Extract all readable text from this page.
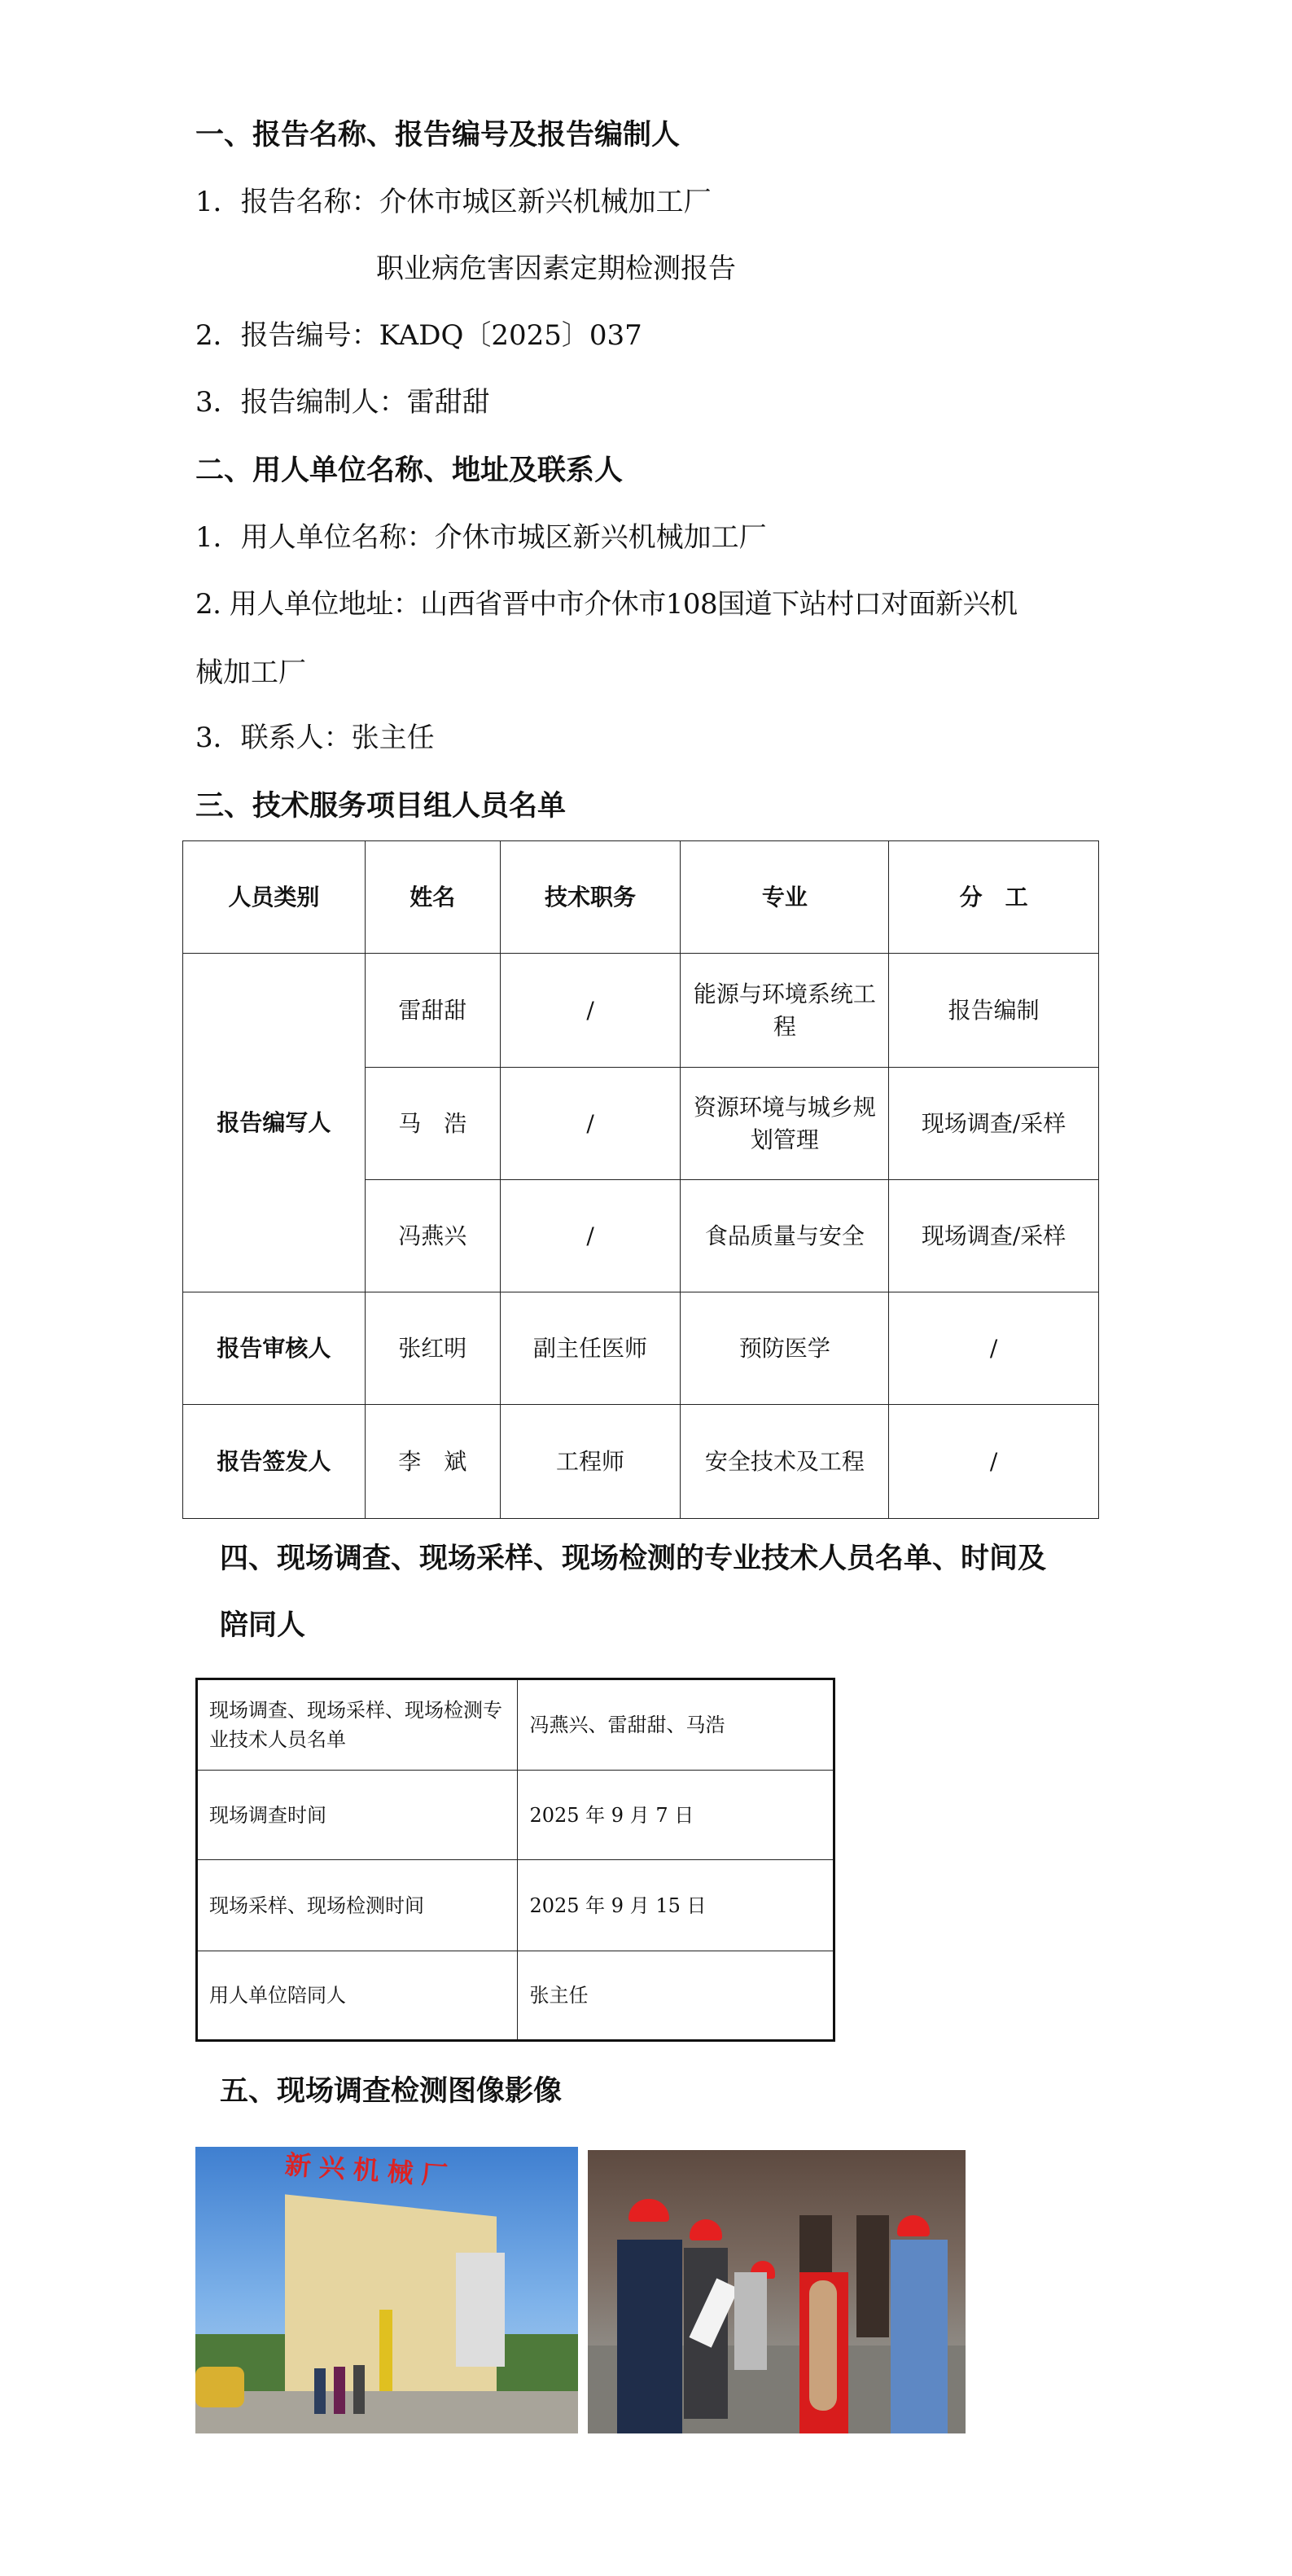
一、报告名称、报告编号及报告编制人
1．报告名称：介休市城区新兴机械加工厂
职业病危害因素定期检测报告
2．报告编号：KADQ〔2025〕037
3．报告编制人：雷甜甜
二、用人单位名称、地址及联系人
1．用人单位名称：介休市城区新兴机械加工厂
2. 用人单位地址：山西省晋中市介休市108国道下站村口对面新兴机
械加工厂
3．联系人：张主任
三、技术服务项目组人员名单
人员类别	姓名	技术职务	专业	分　工
报告编写人	雷甜甜	/	能源与环境系统工程	报告编制
	马　浩	/	资源环境与城乡规划管理	现场调查/采样
	冯燕兴	/	食品质量与安全	现场调查/采样
报告审核人	张红明	副主任医师	预防医学	/
报告签发人	李　斌	工程师	安全技术及工程	/
四、现场调查、现场采样、现场检测的专业技术人员名单、时间及
陪同人
现场调查、现场采样、现场检测专业技术人员名单	冯燕兴、雷甜甜、马浩
现场调查时间	2025 年 9 月 7 日
现场采样、现场检测时间	2025 年 9 月 15 日
用人单位陪同人	张主任
五、现场调查检测图像影像
新兴机械厂
